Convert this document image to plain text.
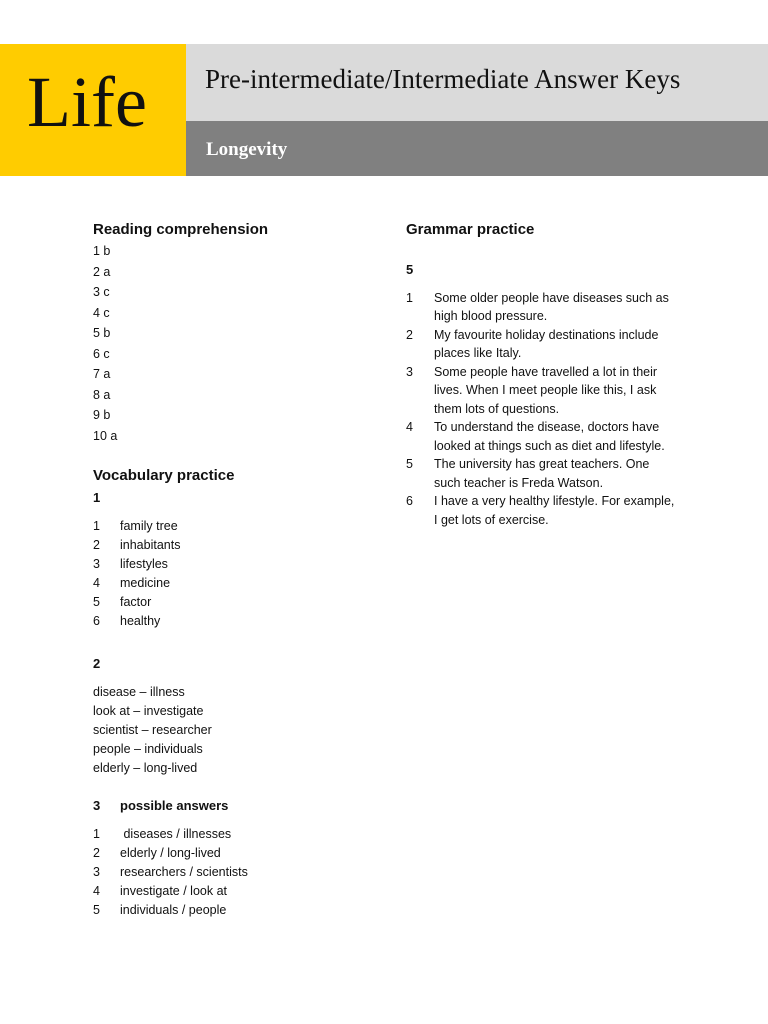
Life Pre-intermediate/Intermediate Answer Keys
Longevity
Reading comprehension
1 b
2 a
3 c
4 c
5 b
6 c
7 a
8 a
9 b
10 a
Vocabulary practice
1
1	family tree
2	inhabitants
3	lifestyles
4	medicine
5	factor
6	healthy
2
disease – illness
look at – investigate
scientist – researcher
people – individuals
elderly – long-lived
3	possible answers
1	diseases / illnesses
2	elderly / long-lived
3	researchers / scientists
4	investigate / look at
5	individuals / people
Grammar practice
5
1	Some older people have diseases such as high blood pressure.
2	My favourite holiday destinations include places like Italy.
3	Some people have travelled a lot in their lives. When I meet people like this, I ask them lots of questions.
4	To understand the disease, doctors have looked at things such as diet and lifestyle.
5	The university has great teachers. One such teacher is Freda Watson.
6	I have a very healthy lifestyle. For example, I get lots of exercise.
